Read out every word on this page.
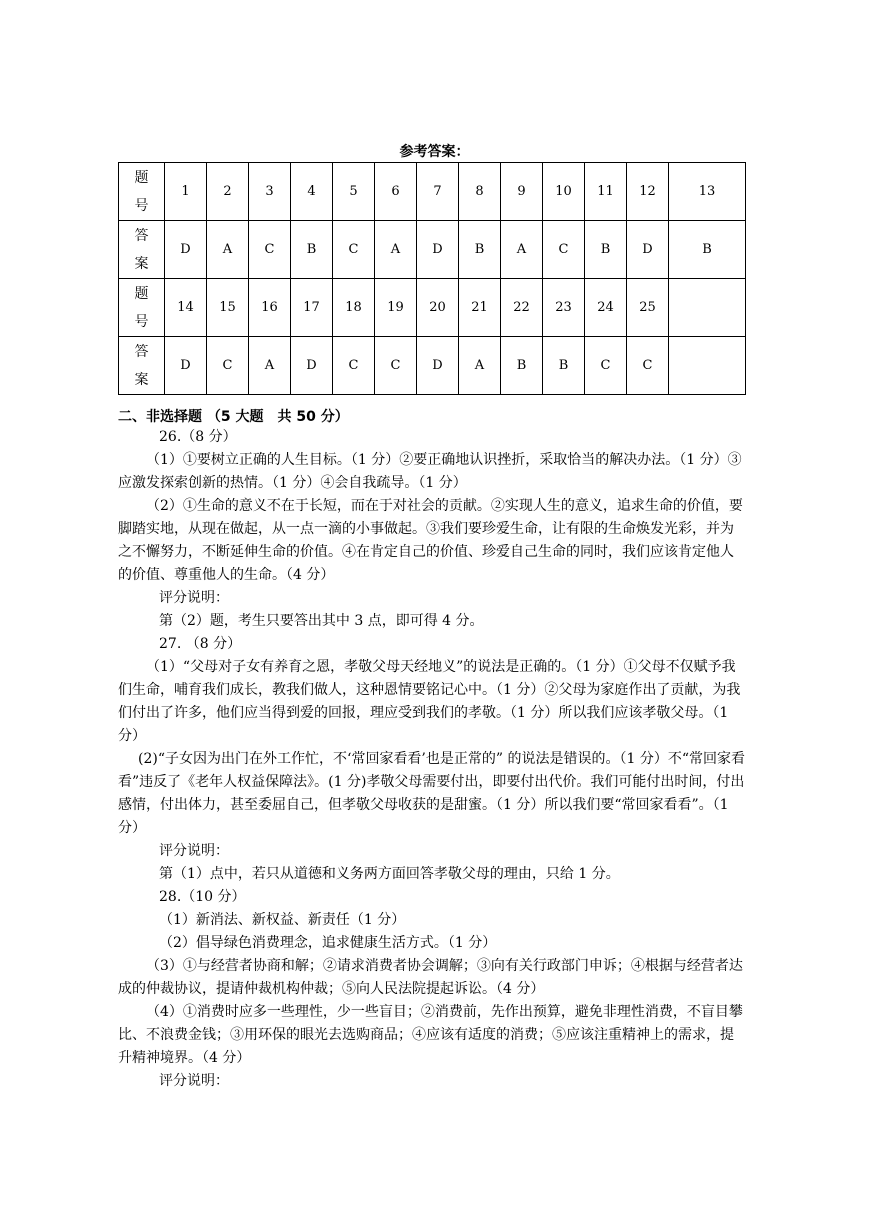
参考答案：
题
号	1	2	3	4	5	6	7	8	9	10	11	12	13

答
案	D	A	C	B	C	A	D	B	A	C	B	D	B

题
号	14	15	16	17	18	19	20	21	22	23	24	25	

答
案	D	C	A	D	C	C	D	A	B	B	C	C	
二、非选择题 （5 大题　共 50 分）

26.（8 分）

（1）①要树立正确的人生目标。（1 分）②要正确地认识挫折，采取恰当的解决办法。（1 分）③应激发探索创新的热情。（1 分）④会自我疏导。（1 分）

（2）①生命的意义不在于长短，而在于对社会的贡献。②实现人生的意义，追求生命的价值，要脚踏实地，从现在做起，从一点一滴的小事做起。③我们要珍爱生命，让有限的生命焕发光彩，并为之不懈努力，不断延伸生命的价值。④在肯定自己的价值、珍爱自己生命的同时，我们应该肯定他人的价值、尊重他人的生命。（4 分）

评分说明：

第（2）题，考生只要答出其中 3 点，即可得 4 分。

27. （8 分）

（1）“父母对子女有养育之恩，孝敬父母天经地义”的说法是正确的。（1 分）①父母不仅赋予我们生命，哺育我们成长，教我们做人，这种恩情要铭记心中。（1 分）②父母为家庭作出了贡献，为我们付出了许多，他们应当得到爱的回报，理应受到我们的孝敬。（1 分）所以我们应该孝敬父母。（1 分）

(2)“子女因为出门在外工作忙，不‘常回家看看’也是正常的” 的说法是错误的。（1 分）不“常回家看看”违反了《老年人权益保障法》。(1 分)孝敬父母需要付出，即要付出代价。我们可能付出时间，付出感情，付出体力，甚至委屈自己，但孝敬父母收获的是甜蜜。（1 分）所以我们要“常回家看看”。（1 分）

评分说明：

第（1）点中，若只从道德和义务两方面回答孝敬父母的理由，只给 1 分。

28.（10 分）

（1）新消法、新权益、新责任（1 分）

（2）倡导绿色消费理念，追求健康生活方式。（1 分）

（3）①与经营者协商和解；②请求消费者协会调解；③向有关行政部门申诉；④根据与经营者达成的仲裁协议，提请仲裁机构仲裁；⑤向人民法院提起诉讼。（4 分）

（4）①消费时应多一些理性，少一些盲目；②消费前，先作出预算，避免非理性消费，不盲目攀比、不浪费金钱；③用环保的眼光去选购商品；④应该有适度的消费；⑤应该注重精神上的需求，提升精神境界。（4 分）

评分说明：
